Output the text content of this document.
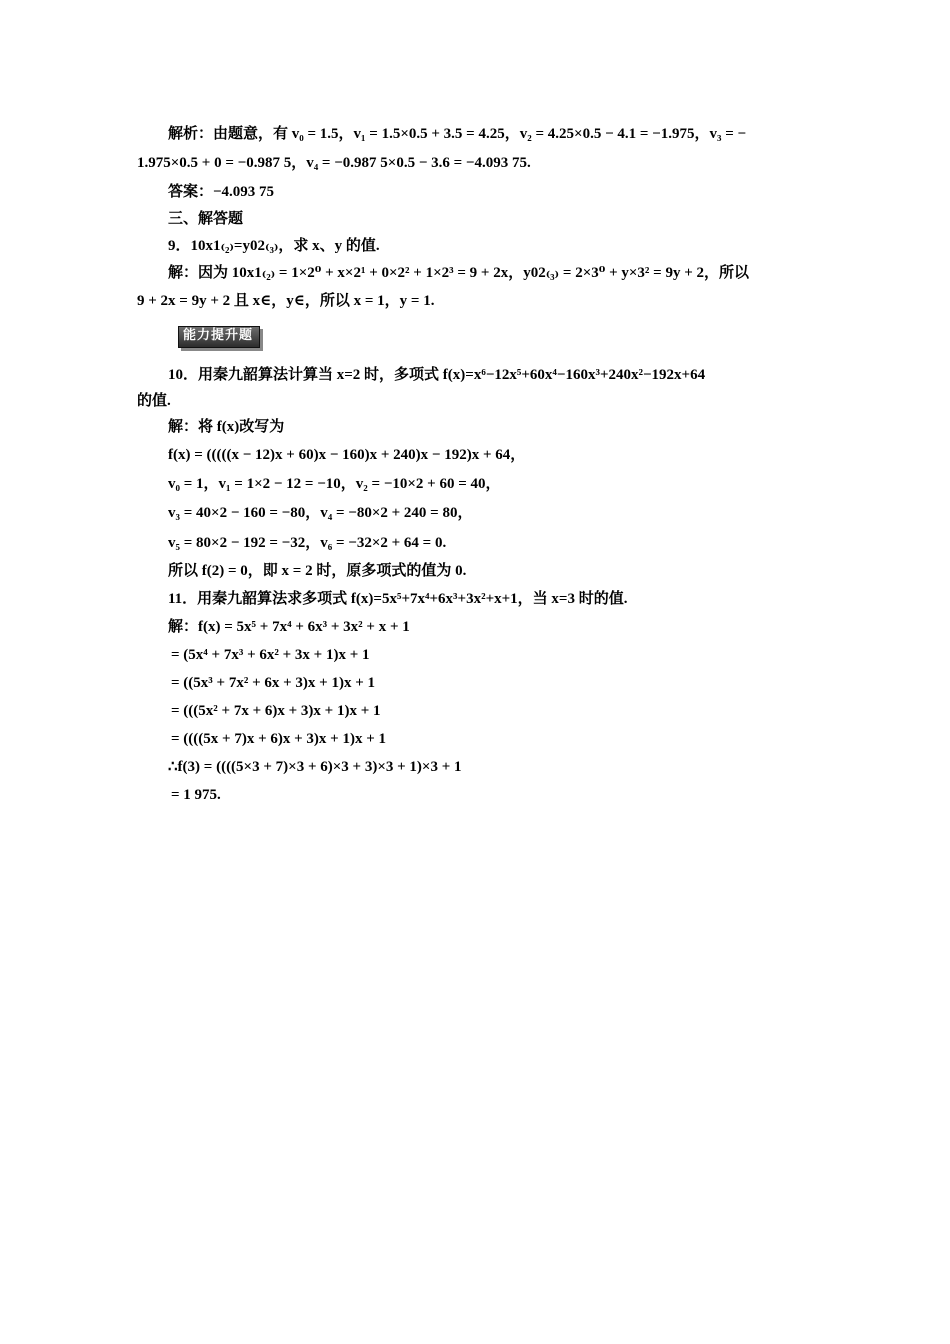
解析：由题意，有 v₀ = 1.5，v₁ = 1.5×0.5 + 3.5 = 4.25，v₂ = 4.25×0.5 − 4.1 = −1.975，v₃ = −
1.975×0.5 + 0 = −0.987 5，v₄ = −0.987 5×0.5 − 3.6 = −4.093 75.
答案：−4.093 75
三、解答题
9．10x1₍₂₎=y02₍₃₎，求 x、y 的值.
解：因为 10x1₍₂₎ = 1×2⁰ + x×2¹ + 0×2² + 1×2³ = 9 + 2x，y02₍₃₎ = 2×3⁰ + y×3² = 9y + 2，所以
9 + 2x = 9y + 2 且 x∈，y∈，所以 x = 1，y = 1.
能力提升题
10．用秦九韶算法计算当 x=2 时，多项式 f(x)=x⁶−12x⁵+60x⁴−160x³+240x²−192x+64
的值.
解：将 f(x)改写为
f(x) = (((((x − 12)x + 60)x − 160)x + 240)x − 192)x + 64，
v₀ = 1，v₁ = 1×2 − 12 = −10，v₂ = −10×2 + 60 = 40，
v₃ = 40×2 − 160 = −80，v₄ = −80×2 + 240 = 80，
v₅ = 80×2 − 192 = −32，v₆ = −32×2 + 64 = 0.
所以 f(2) = 0，即 x = 2 时，原多项式的值为 0.
11．用秦九韶算法求多项式 f(x)=5x⁵+7x⁴+6x³+3x²+x+1，当 x=3 时的值.
解：f(x) = 5x⁵ + 7x⁴ + 6x³ + 3x² + x + 1
= (5x⁴ + 7x³ + 6x² + 3x + 1)x + 1
= ((5x³ + 7x² + 6x + 3)x + 1)x + 1
= (((5x² + 7x + 6)x + 3)x + 1)x + 1
= ((((5x + 7)x + 6)x + 3)x + 1)x + 1
∴f(3) = ((((5×3 + 7)×3 + 6)×3 + 3)×3 + 1)×3 + 1
= 1 975.
